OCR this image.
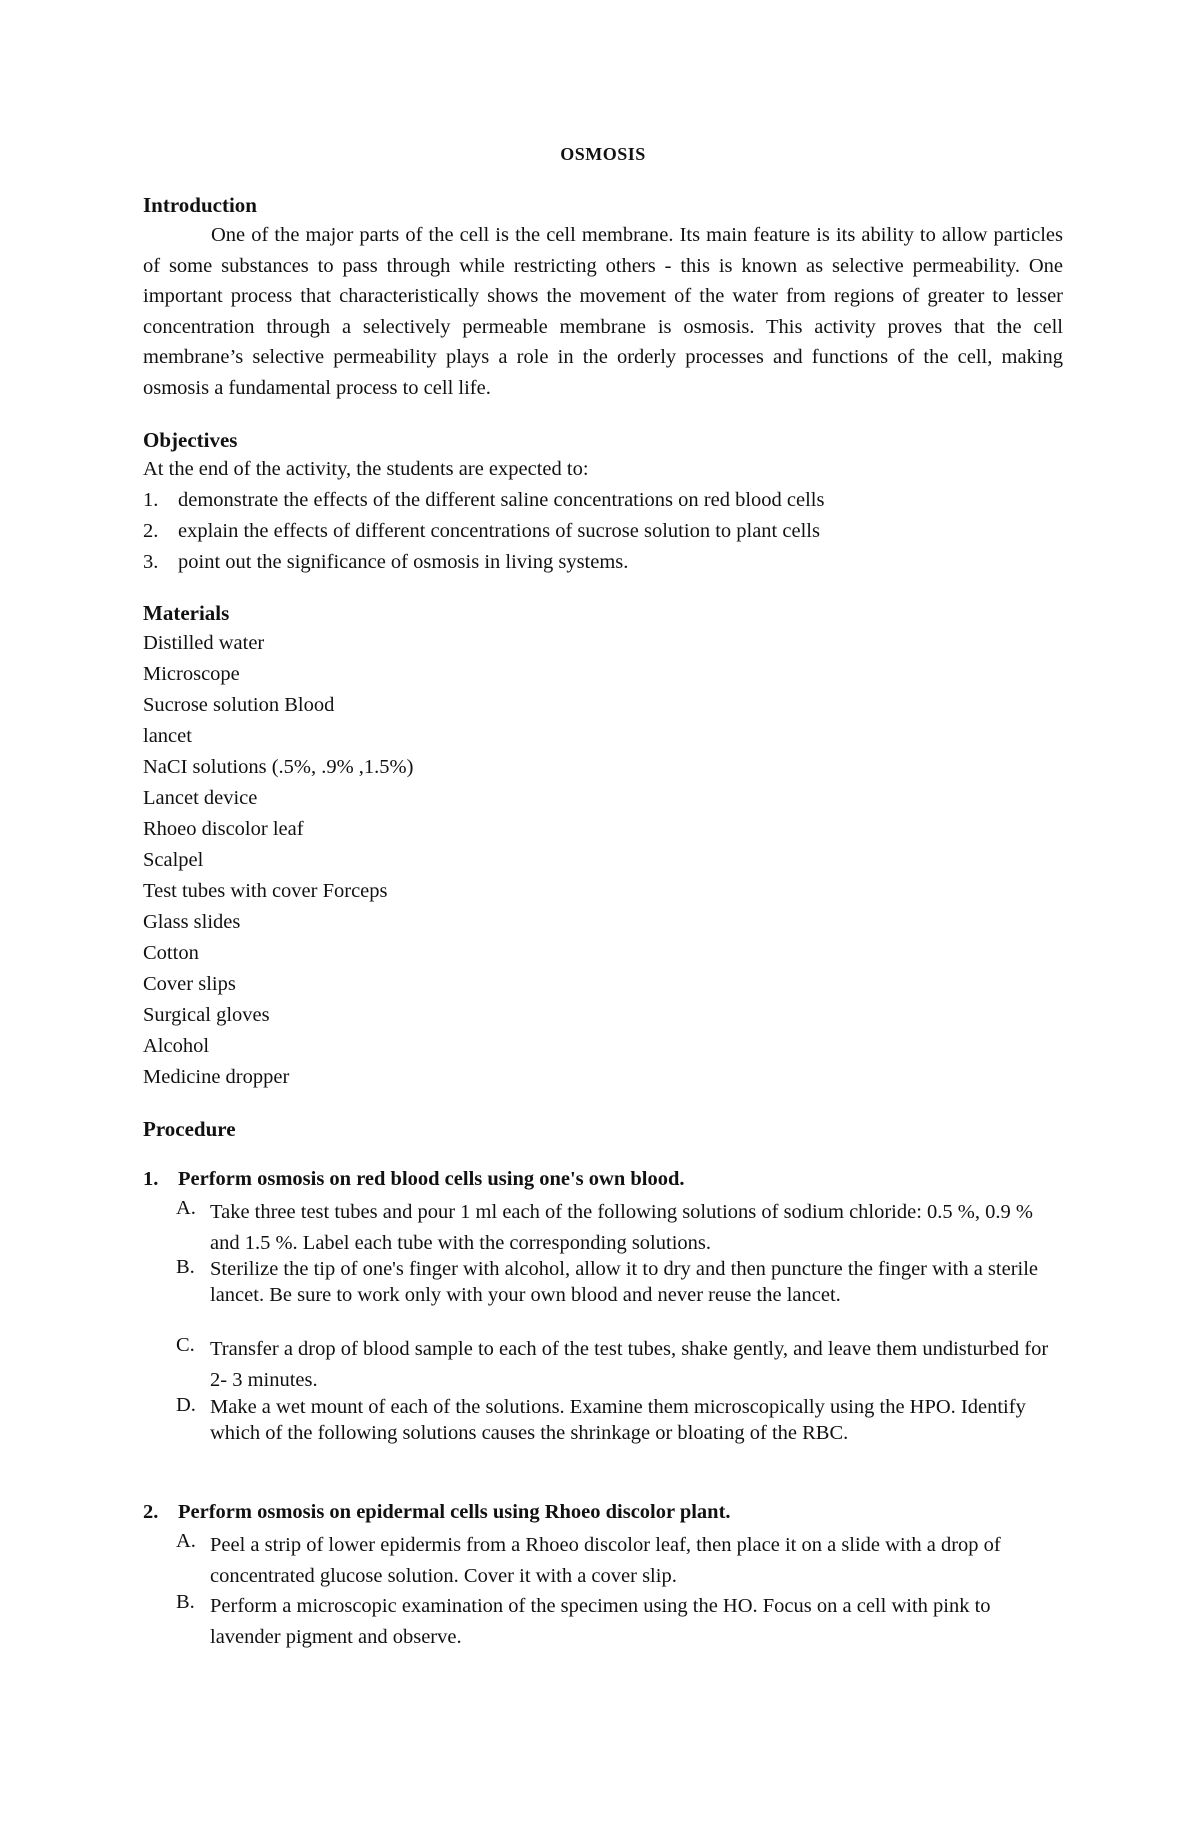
OSMOSIS
Introduction
One of the major parts of the cell is the cell membrane. Its main feature is its ability to allow particles of some substances to pass through while restricting others - this is known as selective permeability. One important process that characteristically shows the movement of the water from regions of greater to lesser concentration through a selectively permeable membrane is osmosis. This activity proves that the cell membrane’s selective permeability plays a role in the orderly processes and functions of the cell, making osmosis a fundamental process to cell life.
Objectives
At the end of the activity, the students are expected to:
1. demonstrate the effects of the different saline concentrations on red blood cells
2. explain the effects of different concentrations of sucrose solution to plant cells
3. point out the significance of osmosis in living systems.
Materials
Distilled water
Microscope
Sucrose solution Blood
lancet
NaCI solutions (.5%, .9% ,1.5%)
Lancet device
Rhoeo discolor leaf
Scalpel
Test tubes with cover Forceps
Glass slides
Cotton
Cover slips
Surgical gloves
Alcohol
Medicine dropper
Procedure
1. Perform osmosis on red blood cells using one's own blood.
A. Take three test tubes and pour 1 ml each of the following solutions of sodium chloride: 0.5 %, 0.9 % and 1.5 %. Label each tube with the corresponding solutions.
B. Sterilize the tip of one's finger with alcohol, allow it to dry and then puncture the finger with a sterile lancet. Be sure to work only with your own blood and never reuse the lancet.
C. Transfer a drop of blood sample to each of the test tubes, shake gently, and leave them undisturbed for 2- 3 minutes.
D. Make a wet mount of each of the solutions. Examine them microscopically using the HPO. Identify which of the following solutions causes the shrinkage or bloating of the RBC.
2. Perform osmosis on epidermal cells using Rhoeo discolor plant.
A. Peel a strip of lower epidermis from a Rhoeo discolor leaf, then place it on a slide with a drop of concentrated glucose solution. Cover it with a cover slip.
B. Perform a microscopic examination of the specimen using the HO. Focus on a cell with pink to lavender pigment and observe.
